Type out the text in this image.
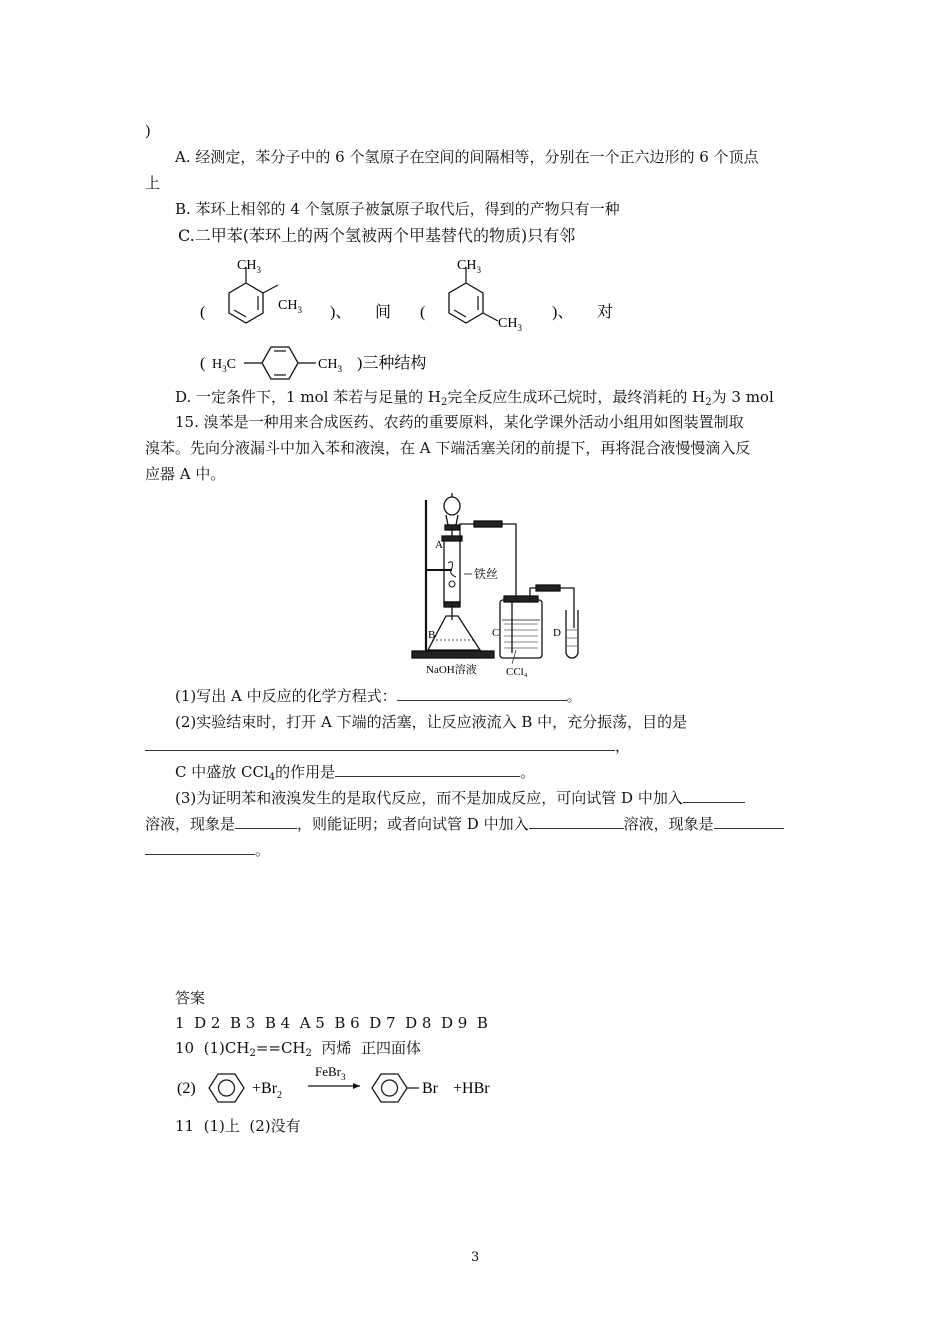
)
A. 经测定，苯分子中的 6 个氢原子在空间的间隔相等，分别在一个正六边形的 6 个顶点
上
B. 苯环上相邻的 4 个氢原子被氯原子取代后，得到的产物只有一种
C.二甲苯(苯环上的两个氢被两个甲基替代的物质)只有邻
(
$CH_3$
$CH_3$ )、 间 (
$CH_3$
$CH_3$
)、 对
( $H_3C$	$CH_3$ )三种结构
D. 一定条件下，1 mol 苯若与足量的 $H_2$完全反应生成环己烷时，最终消耗的 $H_2$为 3 mol
15. 溴苯是一种用来合成医药、农药的重要原料，某化学课外活动小组用如图装置制取
溴苯。先向分液漏斗中加入苯和液溴，在 A 下端活塞关闭的前提下，再将混合液慢慢滴入反
应器 A 中。
A
铁丝
B	C	D
NaOH溶液	CCl₄
(1)写出 A 中反应的化学方程式：	。
(2)实验结束时，打开 A 下端的活塞，让反应液流入 B 中，充分振荡，目的是
，
C 中盛放 CCl$_4$的作用是	。
(3)为证明苯和液溴发生的是取代反应，而不是加成反应，可向试管 D 中加入
溶液，现象是	，则能证明；或者向试管 D 中加入	溶液，现象是
。
答案
1  D 2  B 3  B 4  A 5  B 6  D 7  D 8  D 9  B
10  $(1)CH_2==CH_2$  丙烯  正四面体
(2)	$+Br_2$
FeBr$_3$
Br +HBr
11  (1)上  (2)没有
3
